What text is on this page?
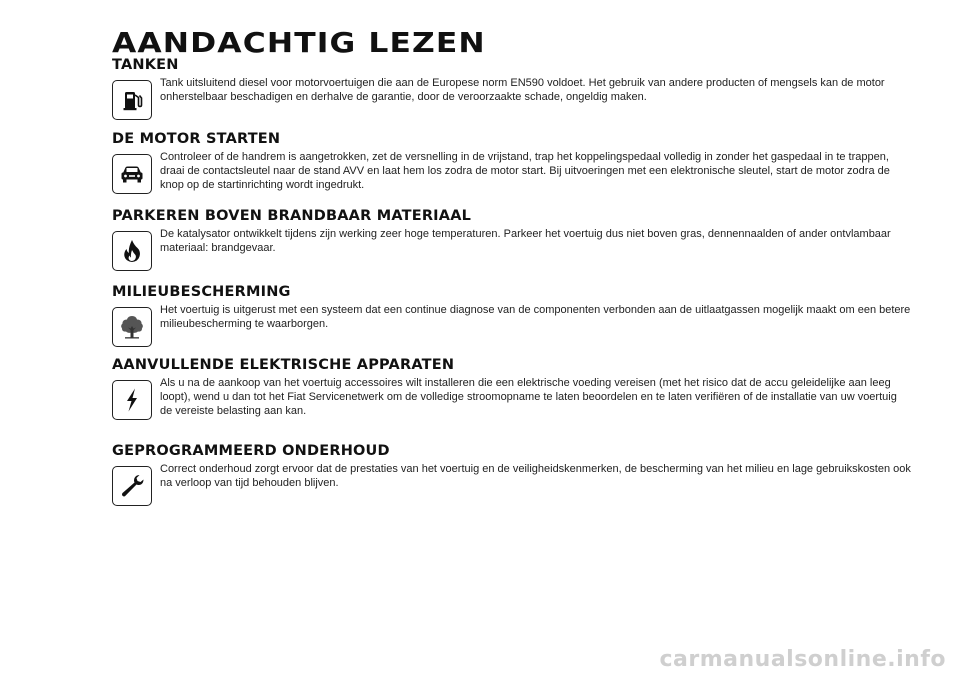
AANDACHTIG LEZEN
TANKEN

Tank uitsluitend diesel voor motorvoertuigen die aan de Europese norm EN590 voldoet. Het gebruik van andere producten of mengsels kan de motor onherstelbaar beschadigen en derhalve de garantie, door de veroorzaakte schade, ongeldig maken.

DE MOTOR STARTEN

Controleer of de handrem is aangetrokken, zet de versnelling in de vrijstand, trap het koppelingspedaal volledig in zonder het gaspedaal in te trappen, draai de contactsleutel naar de stand AVV en laat hem los zodra de motor start. Bij uitvoeringen met een elektronische sleutel, start de motor zodra de knop op de startinrichting wordt ingedrukt.

PARKEREN BOVEN BRANDBAAR MATERIAAL

De katalysator ontwikkelt tijdens zijn werking zeer hoge temperaturen. Parkeer het voertuig dus niet boven gras, dennennaalden of ander ontvlambaar materiaal: brandgevaar.

MILIEUBESCHERMING

Het voertuig is uitgerust met een systeem dat een continue diagnose van de componenten verbonden aan de uitlaatgassen mogelijk maakt om een betere milieubescherming te waarborgen.

AANVULLENDE ELEKTRISCHE APPARATEN

Als u na de aankoop van het voertuig accessoires wilt installeren die een elektrische voeding vereisen (met het risico dat de accu geleidelijke aan leeg loopt), wend u dan tot het Fiat Servicenetwerk om de volledige stroomopname te laten beoordelen en te laten verifiëren of de installatie van uw voertuig de vereiste belasting aan kan.

GEPROGRAMMEERD ONDERHOUD

Correct onderhoud zorgt ervoor dat de prestaties van het voertuig en de veiligheidskenmerken, de bescherming van het milieu en lage gebruikskosten ook na verloop van tijd behouden blijven.

carmanualsonline.info
